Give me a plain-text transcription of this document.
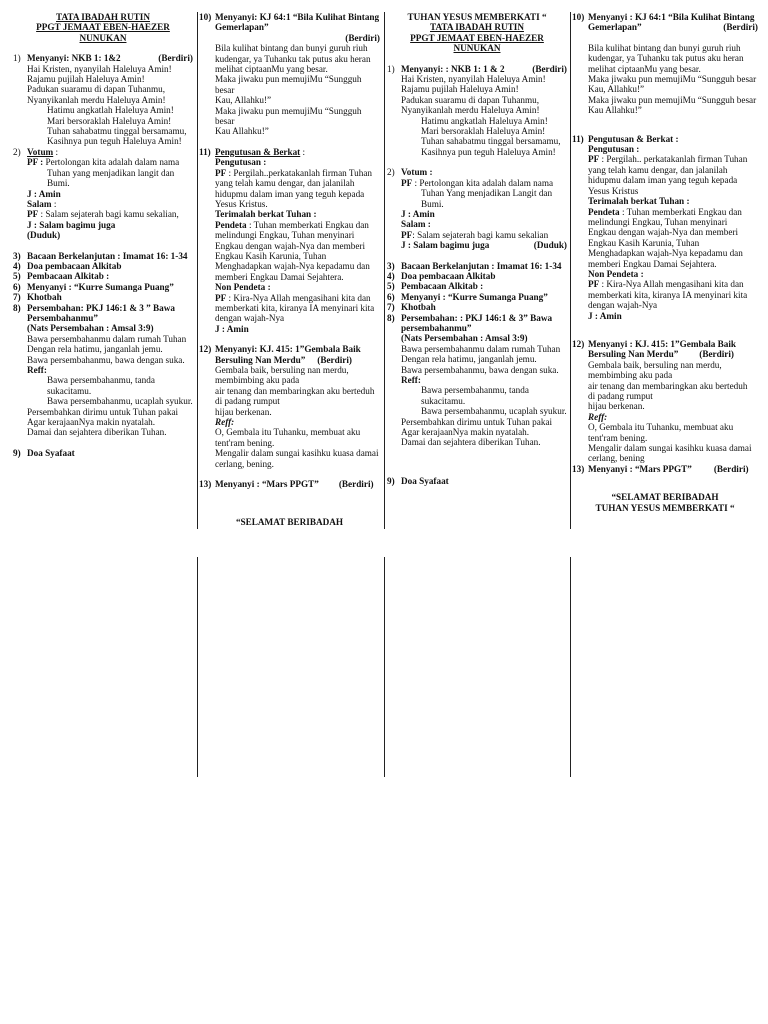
TATA IBADAH RUTIN
PPGT JEMAAT EBEN-HAEZER
NUNUKAN
1) Menyanyi: NKB 1: 1&2	(Berdiri)
Hai Kristen, nyanyilah Haleluya Amin!
Rajamu pujilah Haleluya Amin!
Padukan suaramu di dapan Tuhanmu,
Nyanyikanlah merdu Haleluya Amin!
Hatimu angkatlah Haleluya Amin!
Mari bersoraklah Haleluya Amin!
Tuhan sahabatmu tinggal bersamamu,
Kasihnya pun teguh Haleluya Amin!
2) Votum :
PF : Pertolongan kita adalah dalam nama
Tuhan yang menjadikan langit dan
Bumi.
J : Amin
Salam :
PF : Salam sejaterah bagi kamu sekalian,
J : Salam bagimu juga
(Duduk)
3) Bacaan Berkelanjutan : Imamat 16: 1-34
4) Doa pembacaan Alkitab
5) Pembacaan Alkitab :
6) Menyanyi : “Kurre Sumanga Puang”
7) Khotbah
8) Persembahan: PKJ 146:1 & 3 ” Bawa
Persembahanmu”
(Nats Persembahan : Amsal 3:9)
Bawa persembahanmu dalam rumah Tuhan
Dengan rela hatimu, janganlah jemu.
Bawa persembahanmu, bawa dengan suka.
Reff:
Bawa persembahanmu, tanda
sukacitamu.
Bawa persembahanmu, ucaplah syukur.
Persembahkan dirimu untuk Tuhan pakai
Agar kerajaanNya makin nyatalah.
Damai dan sejahtera diberikan Tuhan.
9) Doa Syafaat
10) Menyanyi: KJ 64:1 “Bila Kulihat Bintang
Gemerlapan”
(Berdiri)
Bila kulihat bintang dan bunyi guruh riuh
kudengar, ya Tuhanku tak putus aku heran
melihat ciptaanMu yang besar.
Maka jiwaku pun memujiMu “Sungguh besar
Kau, Allahku!”
Maka jiwaku pun memujiMu “Sungguh besar
Kau Allahku!”
11) Pengutusan & Berkat :
Pengutusan :
PF : Pergilah..perkatakanlah firman Tuhan
yang telah kamu dengar, dan jalanilah
hidupmu dalam iman yang teguh kepada
Yesus Kristus.
Terimalah berkat Tuhan :
Pendeta : Tuhan memberkati Engkau dan
melindungi Engkau, Tuhan menyinari
Engkau dengan wajah-Nya dan memberi
Engkau Kasih Karunia, Tuhan
Menghadapkan wajah-Nya kepadamu dan
memberi Engkau Damai Sejahtera.
Non Pendeta :
PF : Kira-Nya Allah mengasihani kita dan
memberkati kita, kiranya IA menyinari kita
dengan wajah-Nya
J : Amin
12) Menyanyi: KJ. 415: 1”Gembala Baik
Bersuling Nan Merdu” (Berdiri)
Gembala baik, bersuling nan merdu,
membimbing aku pada
air tenang dan membaringkan aku berteduh
di padang rumput
hijau berkenan.
Reff:
O, Gembala itu Tuhanku, membuat aku
tent'ram bening.
Mengalir dalam sungai kasihku kuasa damai
cerlang, bening.
13) Menyanyi : “Mars PPGT” (Berdiri)
“SELAMAT BERIBADAH
TUHAN YESUS MEMBERKATI “
TATA IBADAH RUTIN
PPGT JEMAAT EBEN-HAEZER
NUNUKAN
1) Menyanyi: : NKB 1: 1 & 2	(Berdiri)
Hai Kristen, nyanyilah Haleluya Amin!
Rajamu pujilah Haleluya Amin!
Padukan suaramu di dapan Tuhanmu,
Nyanyikanlah merdu Haleluya Amin!
Hatimu angkatlah Haleluya Amin!
Mari bersoraklah Haleluya Amin!
Tuhan sahabatmu tinggal bersamamu,
Kasihnya pun teguh Haleluya Amin!
2) Votum :
PF : Pertolongan kita adalah dalam nama
Tuhan Yang menjadikan Langit dan
Bumi.
J : Amin
Salam :
PF: Salam sejaterah bagi kamu sekalian
J : Salam bagimu juga	(Duduk)
3) Bacaan Berkelanjutan : Imamat 16: 1-34
4) Doa pembacaan Alkitab
5) Pembacaan Alkitab :
6) Menyanyi : “Kurre Sumanga Puang”
7) Khotbah
8) Persembahan: : PKJ 146:1 & 3” Bawa
persembahanmu”
(Nats Persembahan : Amsal 3:9)
Bawa persembahanmu dalam rumah Tuhan
Dengan rela hatimu, janganlah jemu.
Bawa persembahanmu, bawa dengan suka.
Reff:
Bawa persembahanmu, tanda
sukacitamu.
Bawa persembahanmu, ucaplah syukur.
Persembahkan dirimu untuk Tuhan pakai
Agar kerajaanNya makin nyatalah.
Damai dan sejahtera diberikan Tuhan.
9) Doa Syafaat
10) Menyanyi : KJ 64:1 “Bila Kulihat Bintang
Gemerlapan”	(Berdiri)
Bila kulihat bintang dan bunyi guruh riuh
kudengar, ya Tuhanku tak putus aku heran
melihat ciptaanMu yang besar.
Maka jiwaku pun memujiMu “Sungguh besar
Kau, Allahku!”
Maka jiwaku pun memujiMu “Sungguh besar
Kau Allahku!”
11) Pengutusan & Berkat :
Pengutusan :
PF : Pergilah.. perkatakanlah firman Tuhan
yang telah kamu dengar, dan jalanilah
hidupmu dalam iman yang teguh kepada
Yesus Kristus
Terimalah berkat Tuhan :
Pendeta : Tuhan memberkati Engkau dan
melindungi Engkau, Tuhan menyinari
Engkau dengan wajah-Nya dan memberi
Engkau Kasih Karunia, Tuhan
Menghadapkan wajah-Nya kepadamu dan
memberi Engkau Damai Sejahtera.
Non Pendeta :
PF : Kira-Nya Allah mengasihani kita dan
memberkati kita, kiranya IA menyinari kita
dengan wajah-Nya
J : Amin
12) Menyanyi : KJ. 415: 1”Gembala Baik
Bersuling Nan Merdu” (Berdiri)
Gembala baik, bersuling nan merdu,
membimbing aku pada
air tenang dan membaringkan aku berteduh
di padang rumput
hijau berkenan.
Reff:
O, Gembala itu Tuhanku, membuat aku
tent'ram bening.
Mengalir dalam sungai kasihku kuasa damai
cerlang, bening
13) Menyanyi : “Mars PPGT” (Berdiri)
“SELAMAT BERIBADAH
TUHAN YESUS MEMBERKATI “
